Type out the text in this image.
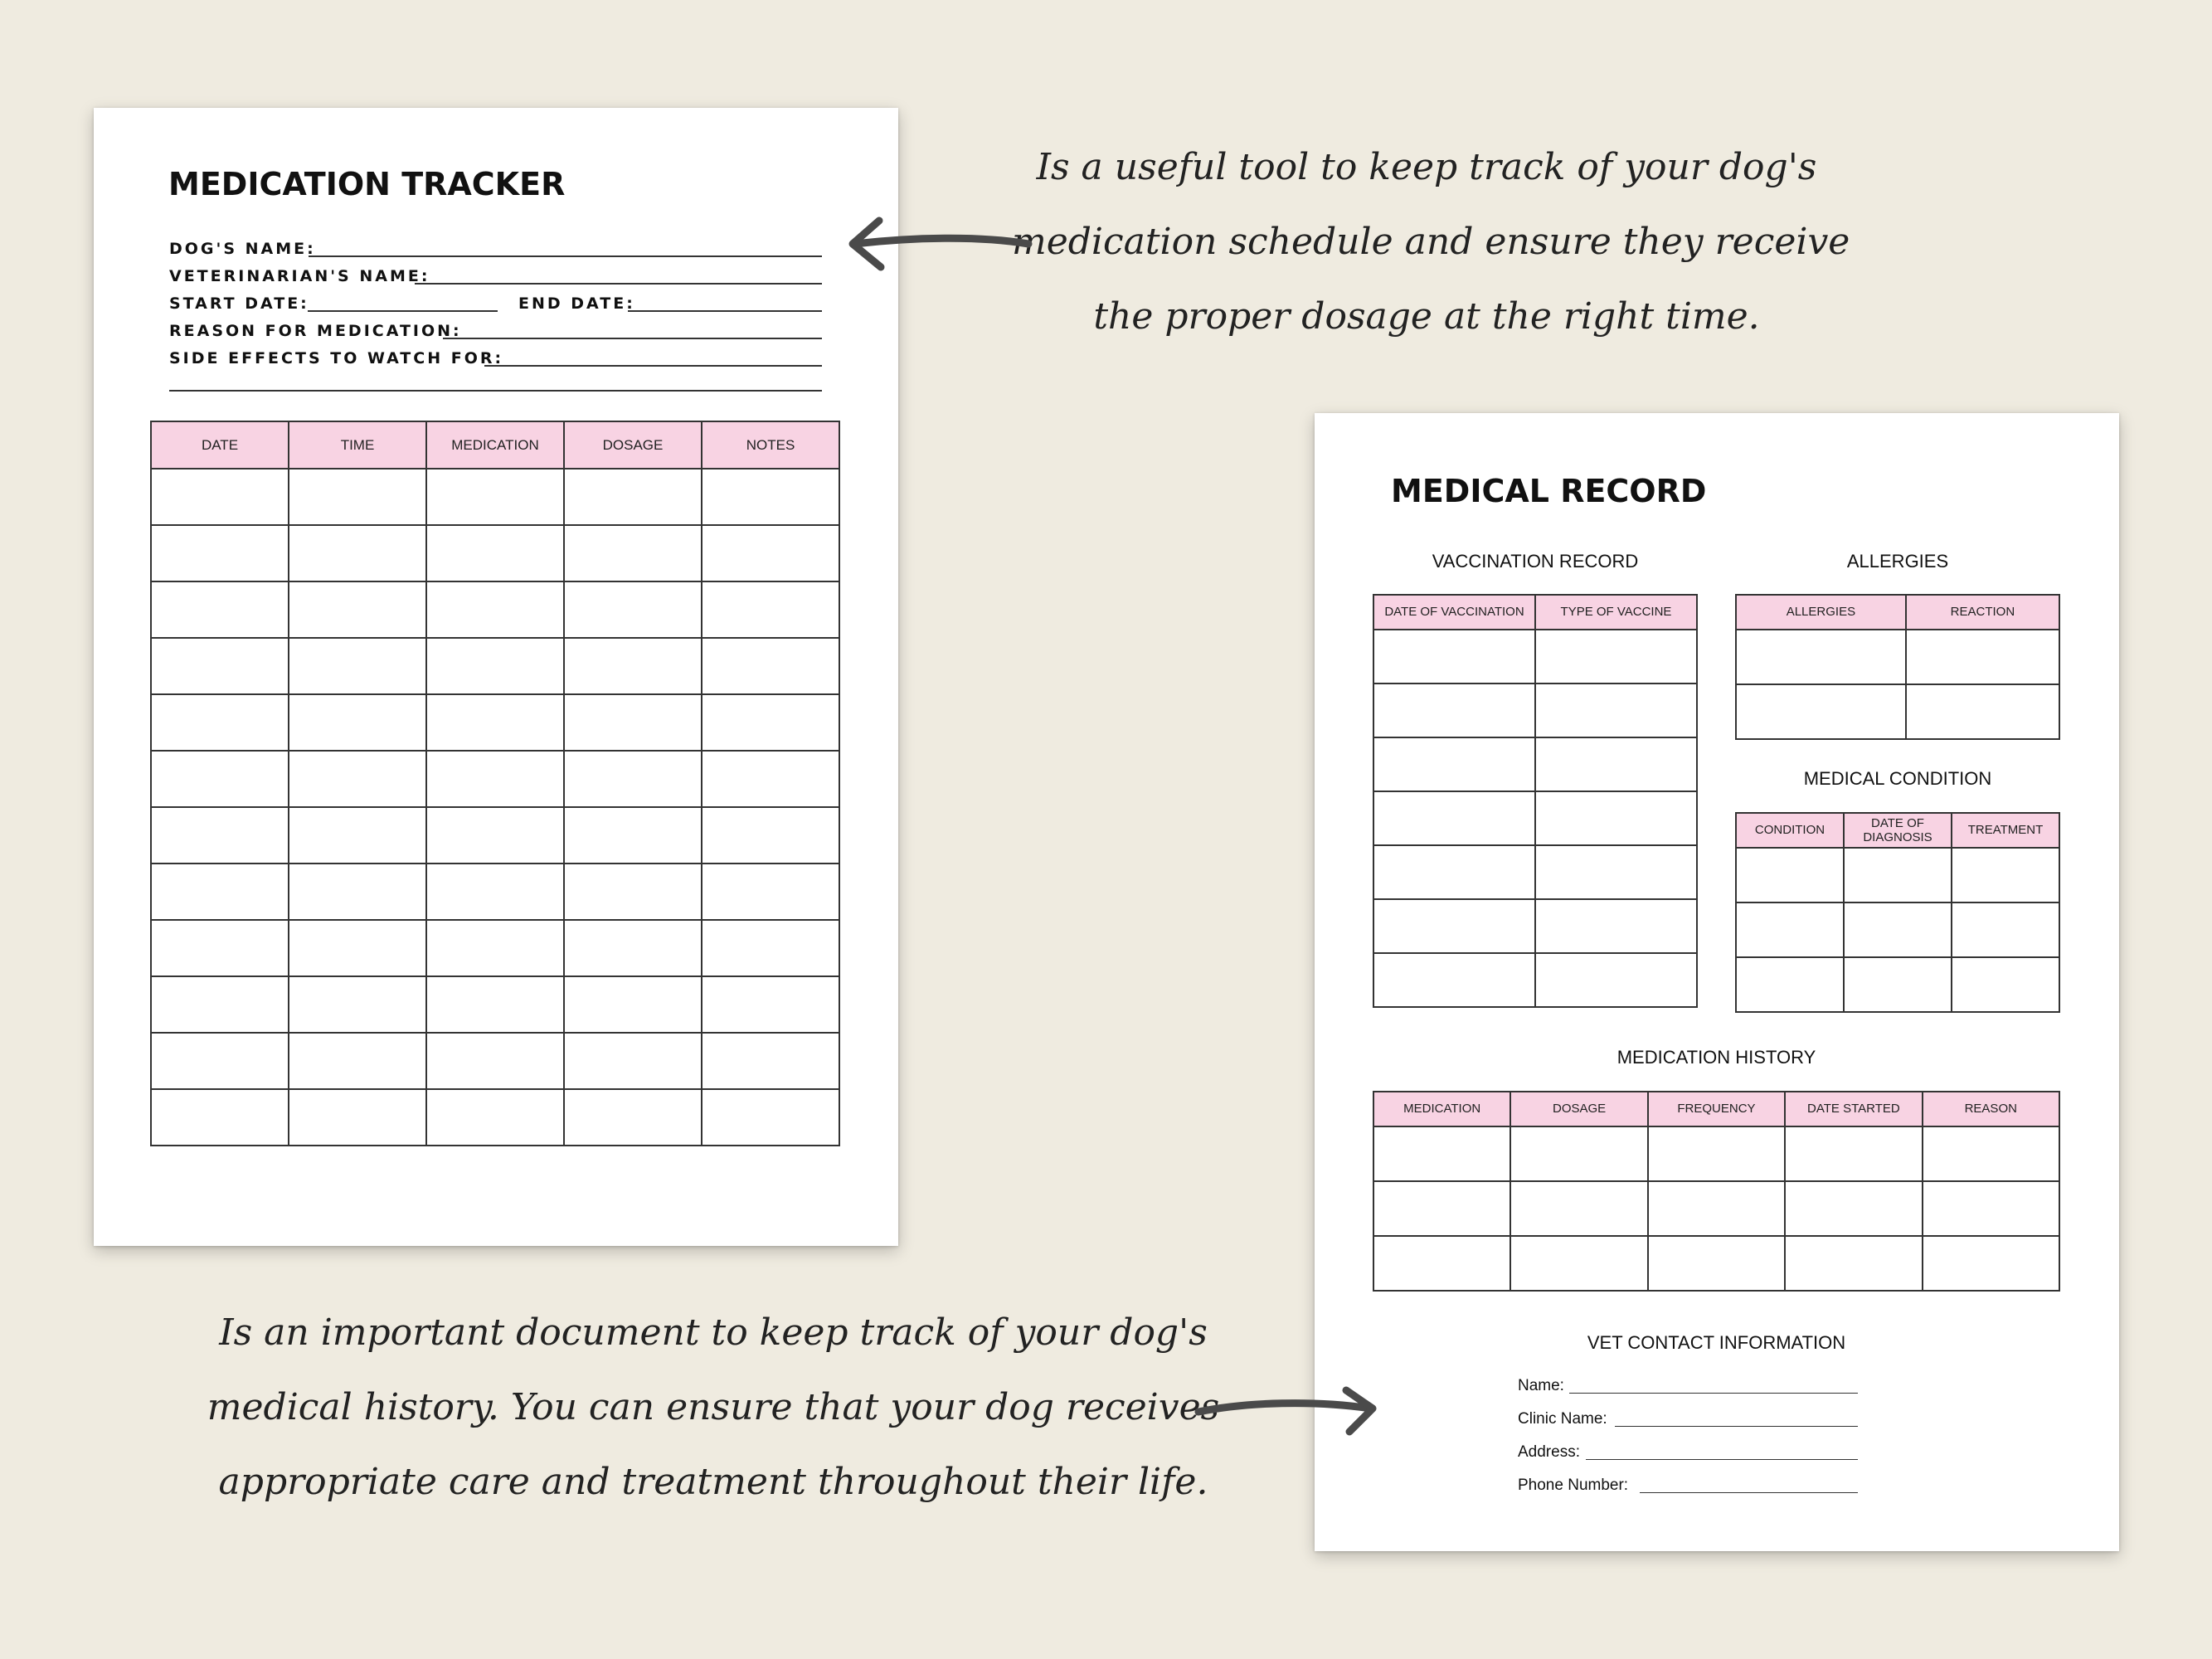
MEDICATION TRACKER
DOG'S NAME:
VETERINARIAN'S NAME:
START DATE:	END DATE:
REASON FOR MEDICATION:
SIDE EFFECTS TO WATCH FOR:
DATE	TIME	MEDICATION	DOSAGE	NOTES

MEDICAL RECORD
VACCINATION RECORD
DATE OF VACCINATION	TYPE OF VACCINE

ALLERGIES
ALLERGIES	REACTION

MEDICAL CONDITION
CONDITION	DATE OF DIAGNOSIS	TREATMENT

MEDICATION HISTORY
MEDICATION	DOSAGE	FREQUENCY	DATE STARTED	REASON

VET CONTACT INFORMATION
Name:
Clinic Name:
Address:
Phone Number:
Is a useful tool to keep track of your dog's
medication schedule and ensure they receive
the proper dosage at the right time.
Is an important document to keep track of your dog's
medical history. You can ensure that your dog receives
appropriate care and treatment throughout their life.
